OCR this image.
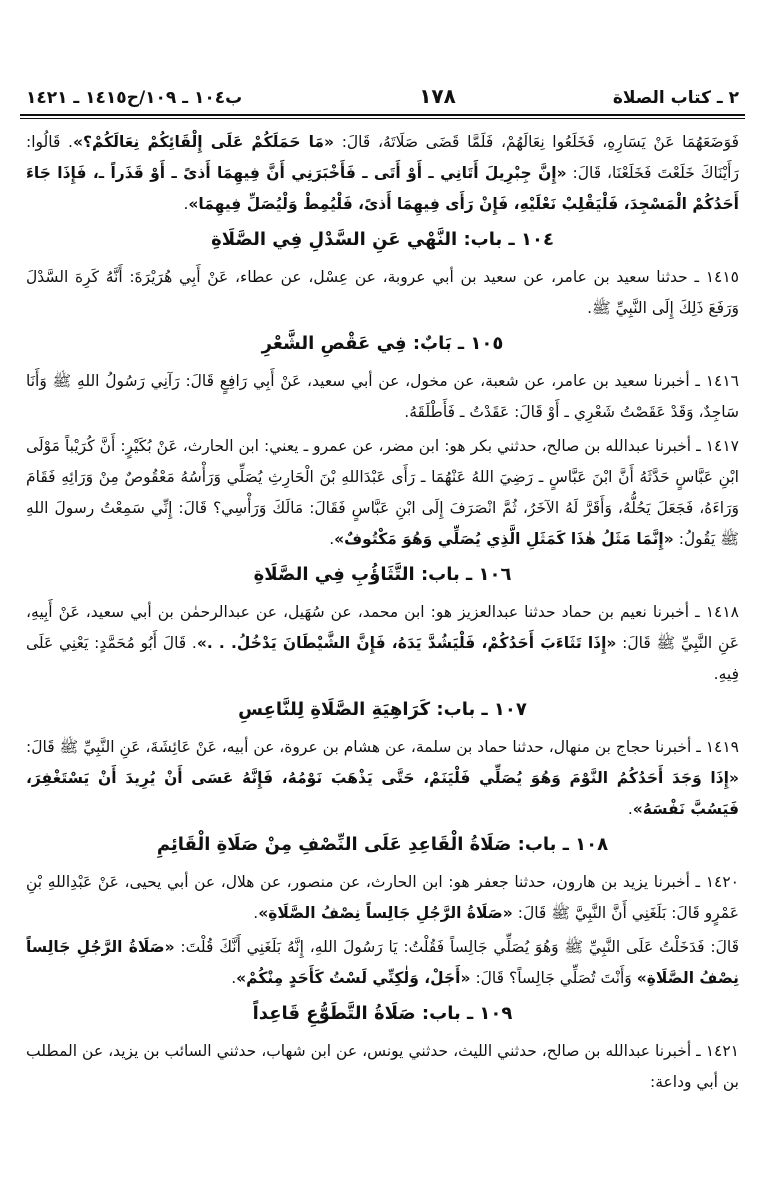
٢ ـ كتاب الصلاة
١٧٨
ب١٠٤ ـ ١٠٩/ح١٤١٥ ـ ١٤٢١
فَوَضَعَهُمَا عَنْ يَسَارِهِ، فَخَلَعُوا نِعَالَهُمْ، فَلَمَّا قَضَى صَلَاتَهُ، قَالَ: «مَا حَمَلَكُمْ عَلَى إِلْقَائِكُمْ نِعَالَكُمْ؟». قَالُوا: رَأَيْنَاكَ خَلَعْتَ فَخَلَعْنَا، قَالَ: «إِنَّ جِبْرِيلَ أَتَانِي ـ أَوْ أَتَى ـ فَأَخْبَرَنِي أَنَّ فِيهِمَا أَذىً ـ أَوْ قَذَراً ـ، فَإِذَا جَاءَ أَحَدُكُمْ الْمَسْجِدَ، فَلْيَقْلِبْ نَعْلَيْهِ، فَإِنْ رَأَى فِيهِمَا أَذىً، فَلْيُمِطْ وَلْيُصَلِّ فِيهِمَا».
١٠٤ ـ باب: النَّهْي عَنِ السَّدْلِ فِي الصَّلَاةِ
١٤١٥ ـ حدثنا سعيد بن عامر، عن سعيد بن أبي عروبة، عن عِسْل، عن عطاء، عَنْ أَبِي هُرَيْرَةَ: أَنَّهُ كَرِهَ السَّدْلَ وَرَفَعَ ذَلِكَ إِلَى النَّبِيِّ ﷺ.
١٠٥ ـ بَابٌ: فِي عَقْصِ الشَّعْرِ
١٤١٦ ـ أخبرنا سعيد بن عامر، عن شعبة، عن مخول، عن أبي سعيد، عَنْ أَبِي رَافِعٍ قَالَ: رَآنِي رَسُولُ اللهِ ﷺ وَأَنَا سَاجِدٌ، وَقَدْ عَقَصْتُ شَعْرِي ـ أَوْ قَالَ: عَقَدْتُ ـ فَأَطْلَقَهُ.
١٤١٧ ـ أخبرنا عبدالله بن صالح، حدثني بكر هو: ابن مضر، عن عمرو ـ يعني: ابن الحارث، عَنْ بُكَيْرٍ: أَنَّ كُرَيْباً مَوْلَى ابْنِ عَبَّاسٍ حَدَّثَهُ أَنَّ ابْنَ عَبَّاسٍ ـ رَضِيَ اللهُ عَنْهُمَا ـ رَأَى عَبْدَاللهِ بْنَ الْحَارِثِ يُصَلِّي وَرَأْسُهُ مَعْقُوصٌ مِنْ وَرَائِهِ فَقَامَ وَرَاءَهُ، فَجَعَلَ يَحُلُّهُ، وَأَقَرَّ لَهُ الآخَرُ، ثُمَّ انْصَرَفَ إِلَى ابْنِ عَبَّاسٍ فَقَالَ: مَالَكَ وَرَأْسِي؟ قَالَ: إِنِّي سَمِعْتُ رسولَ اللهِ ﷺ يَقُولُ: «إِنَّمَا مَثَلُ هٰذَا كَمَثَلِ الَّذِي يُصَلِّي وَهُوَ مَكْتُوفٌ».
١٠٦ ـ باب: التَّثَاؤُبِ فِي الصَّلَاةِ
١٤١٨ ـ أخبرنا نعيم بن حماد حدثنا عبدالعزيز هو: ابن محمد، عن سُهَيل، عن عبدالرحمٰن بن أبي سعيد، عَنْ أَبِيهِ، عَنِ النَّبِيِّ ﷺ قَالَ: «إِذَا تَثَاءَبَ أَحَدُكُمْ، فَلْيَشُدَّ يَدَهُ، فَإِنَّ الشَّيْطَانَ يَدْخُلُ. . .». قَالَ أَبُو مُحَمَّدٍ: يَعْنِي عَلَى فِيهِ.
١٠٧ ـ باب: كَرَاهِيَةِ الصَّلَاةِ لِلنَّاعِسِ
١٤١٩ ـ أخبرنا حجاج بن منهال، حدثنا حماد بن سلمة، عن هشام بن عروة، عن أبيه، عَنْ عَائِشَةَ، عَنِ النَّبِيِّ ﷺ قَالَ: «إِذَا وَجَدَ أَحَدُكُمُ النَّوْمَ وَهُوَ يُصَلِّي فَلْيَنَمْ، حَتَّى يَذْهَبَ نَوْمُهُ، فَإِنَّهُ عَسَى أَنْ يُرِيدَ أَنْ يَسْتَغْفِرَ، فَيَسُبَّ نَفْسَهُ».
١٠٨ ـ باب: صَلَاةُ الْقَاعِدِ عَلَى النِّصْفِ مِنْ صَلَاةِ الْقَائِمِ
١٤٢٠ ـ أخبرنا يزيد بن هارون، حدثنا جعفر هو: ابن الحارث، عن منصور، عن هلال، عن أبي يحيى، عَنْ عَبْدِاللهِ بْنِ عَمْرٍو قَالَ: بَلَغَنِي أَنَّ النَّبِيَّ ﷺ قَالَ: «صَلَاةُ الرَّجُلِ جَالِساً نِصْفُ الصَّلَاةِ».
قَالَ: فَدَخَلْتُ عَلَى النَّبِيِّ ﷺ وَهُوَ يُصَلِّي جَالِساً فَقُلْتُ: يَا رَسُولَ اللهِ، إِنَّهُ بَلَغَنِي أَنَّكَ قُلْتَ: «صَلَاةُ الرَّجُلِ جَالِساً نِصْفُ الصَّلَاةِ» وَأَنْتَ تُصَلِّي جَالِساً؟ قَالَ: «أَجَلْ، وَلٰكِنِّي لَسْتُ كَأَحَدٍ مِنْكُمْ».
١٠٩ ـ باب: صَلَاةُ التَّطَوُّعِ قَاعِداً
١٤٢١ ـ أخبرنا عبدالله بن صالح، حدثني الليث، حدثني يونس، عن ابن شهاب، حدثني السائب بن يزيد، عن المطلب بن أبي وداعة:
